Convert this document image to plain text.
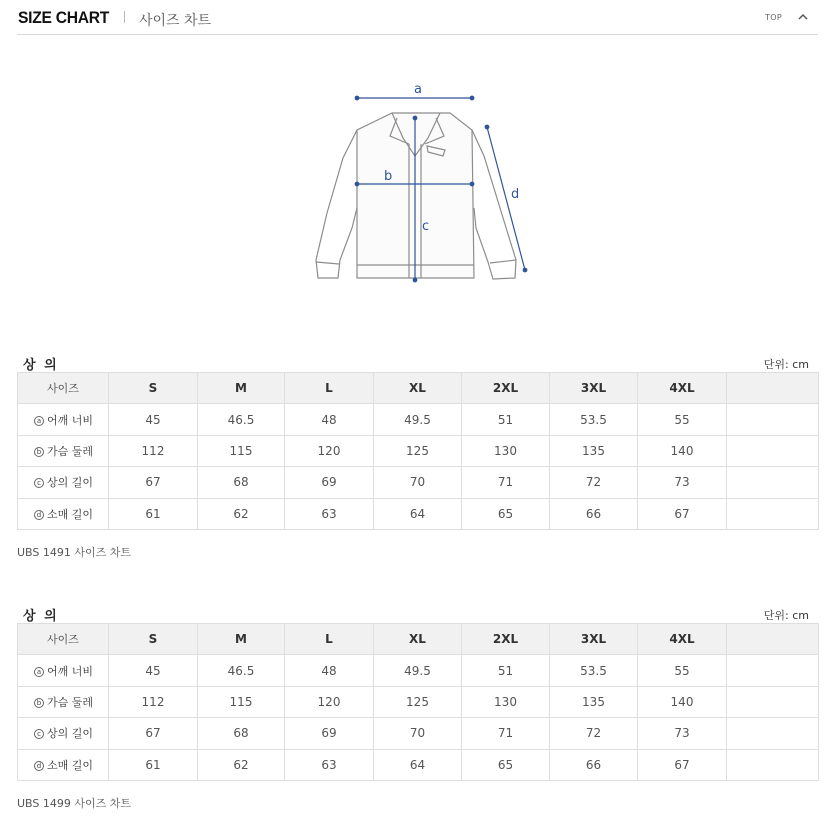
SIZE CHART 사이즈 차트	TOP
a
b
c
d
상 의	단위: cm
사이즈	S	M	L	XL	2XL	3XL	4XL	
a 어깨 너비	45	46.5	48	49.5	51	53.5	55	
b 가슴 둘레	112	115	120	125	130	135	140	
c 상의 길이	67	68	69	70	71	72	73	
d 소매 길이	61	62	63	64	65	66	67	
UBS 1491 사이즈 차트
상 의	단위: cm
사이즈	S	M	L	XL	2XL	3XL	4XL	
a 어깨 너비	45	46.5	48	49.5	51	53.5	55	
b 가슴 둘레	112	115	120	125	130	135	140	
c 상의 길이	67	68	69	70	71	72	73	
d 소매 길이	61	62	63	64	65	66	67	
UBS 1499 사이즈 차트
